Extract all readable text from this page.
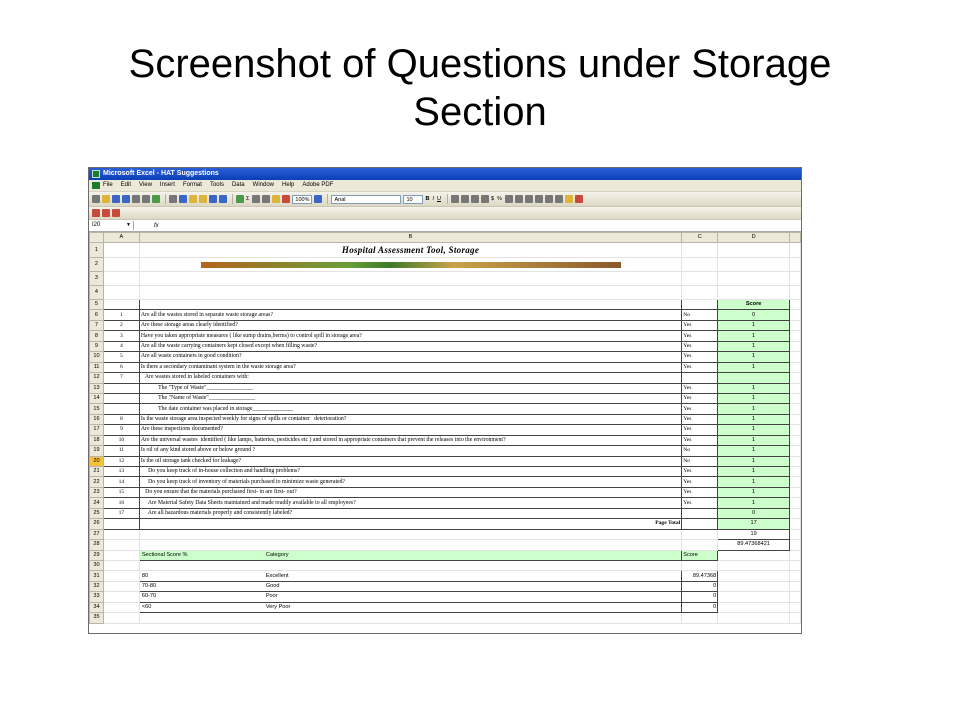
Screenshot of Questions under Storage
Section
Microsoft Excel - HAT Suggestions
File Edit View Insert Format Tools Data Window Help Adobe PDF
Σ	100%	Arial	10	B I U	$ %
I20	▼	fx
	A	B	C	D	
1		Hospital Assessment Tool, Storage			

2		

3					
4					
5				Score	
6	1	Are all the wastes stored in separate waste storage areas?	No	0	
7	2	Are these storage areas clearly identified?	Yes	1	
8	3	Have you taken appropriate measures ( like sump drains,berms) to control spill in storage area?	Yes	1	
9	4	Are all the waste carrying containers kept closed except when filling waste?	Yes	1	
10	5	Are all waste containers in good condition?	Yes	1	
11	6	Is there a secondary contaminant system in the waste storage area?	Yes	1	
12	7	Are wastes stored in labeled containers with:			
13		The "Type of Waste"________________	Yes	1	
14		The "Name of Waste"________________	Yes	1	
15		The date container was placed in storage______________	Yes	1	
16	8	Is the waste storage area inspected weekly for signs of spills or container   deterioration?	Yes	1	
17	9	Are these inspections documented?	Yes	1	
18	10	Are the universal wastes  identified ( like lamps, batteries, pesticides etc ) and stored in appropriate containers that prevent the releases into the environment?	Yes	1	
19	11	Is oil of any kind stored above or below ground ?	No	1	
20	12	Is the oil storage tank checked for leakage?	No	1	
21	13	Do you keep track of in-house collection and handling problems?	Yes	1	
22	14	Do you keep track of inventory of materials purchased to minimize waste generated?	Yes	1	
23	15	Do you ensure that the materials purchased first- in are first- out?	Yes	1	
24	16	Are Material Safety Data Sheets maintained and made readily available to all employees?	Yes	1	
25	17	Are all hazardous materials properly and consistently labeled?		0	
26		Page Total		17	
27				19	
28				89.47368421	
29		Sectional Score % Category	Score		
30					
31		80 Excellent	89.47368		
32		70-80 Good	0		
33		60-70 Poor	0		
34		<60 Very Poor	0		
35					
